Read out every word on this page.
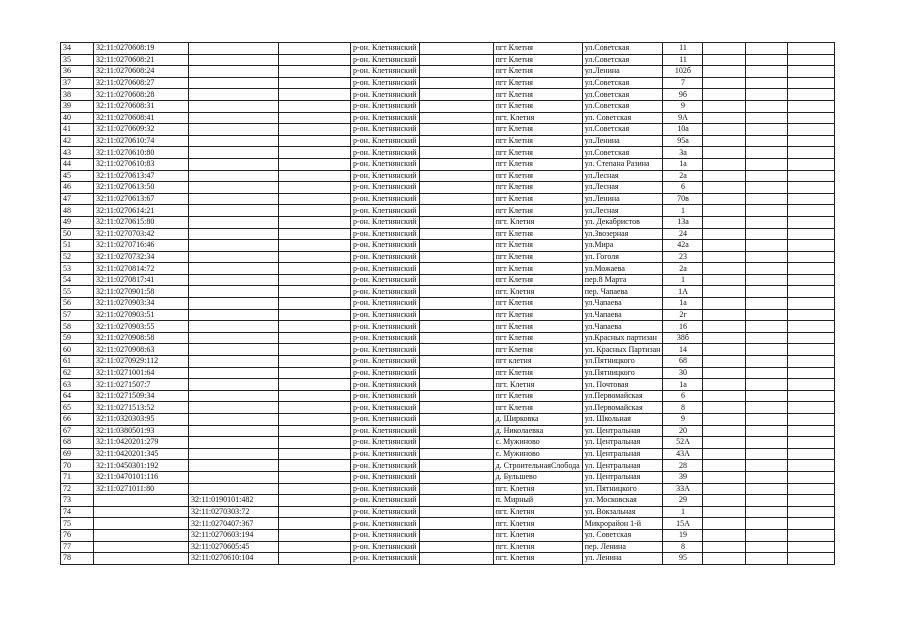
34	32:11:0270608:19			р-он. Клетнянский		пгт Клетня	ул.Советская	11			
35	32:11:0270608:21			р-он. Клетнянский		пгт Клетня	ул.Советская	11			
36	32:11:0270608:24			р-он. Клетнянский		пгт Клетня	ул.Ленина	102б			
37	32:11:0270608:27			р-он. Клетнянский		пгт Клетня	ул.Советская	7			
38	32:11:0270608:28			р-он. Клетнянский		пгт Клетня	ул.Советская	9б			
39	32:11:0270608:31			р-он. Клетнянский		пгт Клетня	ул.Советская	9			
40	32:11:0270608:41			р-он. Клетнянский		пгт. Клетня	ул. Советская	9А			
41	32:11:0270609:32			р-он. Клетнянский		пгт Клетня	ул.Советская	10а			
42	32:11:0270610:74			р-он. Клетнянский		пгт Клетня	ул.Ленина	95а			
43	32:11:0270610:80			р-он. Клетнянский		пгт Клетня	ул.Советская	3а			
44	32:11:0270610:83			р-он. Клетнянский		пгт Клетня	ул. Степана Разина	1а			
45	32:11:0270613:47			р-он. Клетнянский		пгт Клетня	ул.Лесная	2а			
46	32:11:0270613:50			р-он. Клетнянский		пгт Клетня	ул.Лесная	6			
47	32:11:0270613:67			р-он. Клетнянский		пгт Клетня	ул.Ленина	70в			
48	32:11:0270614:21			р-он. Клетнянский		пгт Клетня	ул.Лесная	1			
49	32:11:0270615:80			р-он. Клетнянский		пгт. Клетня	ул. Декабристов	13а			
50	32:11:0270703:42			р-он. Клетнянский		пгт Клетня	ул.Звозерная	24			
51	32:11:0270716:46			р-он. Клетнянский		пгт Клетня	ул.Мира	42а			
52	32:11:0270732:34			р-он. Клетнянский		пгт Клетня	ул. Гоголя	23			
53	32:11:0270814:72			р-он. Клетнянский		пгт Клетня	ул.Можаева	2а			
54	32:11:0270817:41			р-он. Клетнянский		пгт Клетня	пер.8 Марта	1			
55	32:11:0270901:58			р-он. Клетнянский		пгт. Клетня	пер. Чапаева	1А			
56	32:11:0270903:34			р-он. Клетнянский		пгт Клетня	ул.Чапаева	1а			
57	32:11:0270903:51			р-он. Клетнянский		пгт Клетня	ул.Чапаева	2г			
58	32:11:0270903:55			р-он. Клетнянский		пгт Клетня	ул.Чапаева	16			
59	32:11:0270908:58			р-он. Клетнянский		пгт Клетня	ул.Красных партизан	38б			
60	32:11:0270908:63			р-он. Клетнянский		пгт Клетня	ул. Красных Партизан	14			
61	32:11:0270929:112			р-он. Клетнянский		пгт клетня	ул.Пятницкого	68			
62	32:11:0271001:64			р-он. Клетнянский		пгт Клетня	ул.Пятницкого	30			
63	32:11:0271507:7			р-он. Клетнянский		пгт. Клетня	ул. Почтовая	1а			
64	32:11:0271509:34			р-он. Клетнянский		пгт Клетня	ул.Первомайская	6			
65	32:11:0271513:52			р-он. Клетнянский		пгт Клетня	ул.Первомайская	8			
66	32:11:0320303:95			р-он. Клетнянский		д. Ширковка	ул. Школьная	9			
67	32:11:0380501:93			р-он. Клетнянский		д. Николаевка	ул. Центральная	20			
68	32:11:0420201:279			р-он. Клетнянский		с. Мужиново	ул. Центральная	52А			
69	32:11:0420201:345			р-он. Клетнянский		с. Мужиново	ул. Центральная	43А			
70	32:11:0450301:192			р-он. Клетнянский		д. СтроительнаяСлобода	ул. Центральная	28			
71	32:11:0470101:116			р-он. Клетнянский		д. Бульшево	ул. Центральная	39			
72	32:11:0271011:80			р-он. Клетнянский		пгт. Клетня	ул. Пятницкого	33А			
73		32:11:0190101:482		р-он. Клетнянский		п. Мирный	ул. Московская	29			
74		32:11:0270303:72		р-он. Клетнянский		пгт. Клетня	ул. Вокзальная	1			
75		32:11:0270407:367		р-он. Клетнянский		пгт. Клетня	Микрорайон 1-й	15А			
76		32:11:0270603:194		р-он. Клетнянский		пгт. Клетня	ул. Советская	19			
77		32:11:0270605:45		р-он. Клетнянский		пгт. Клетня	пер. Ленина	8			
78		32:11:0270610:104		р-он. Клетнянский		пгт. Клетня	ул. Ленина	95			
